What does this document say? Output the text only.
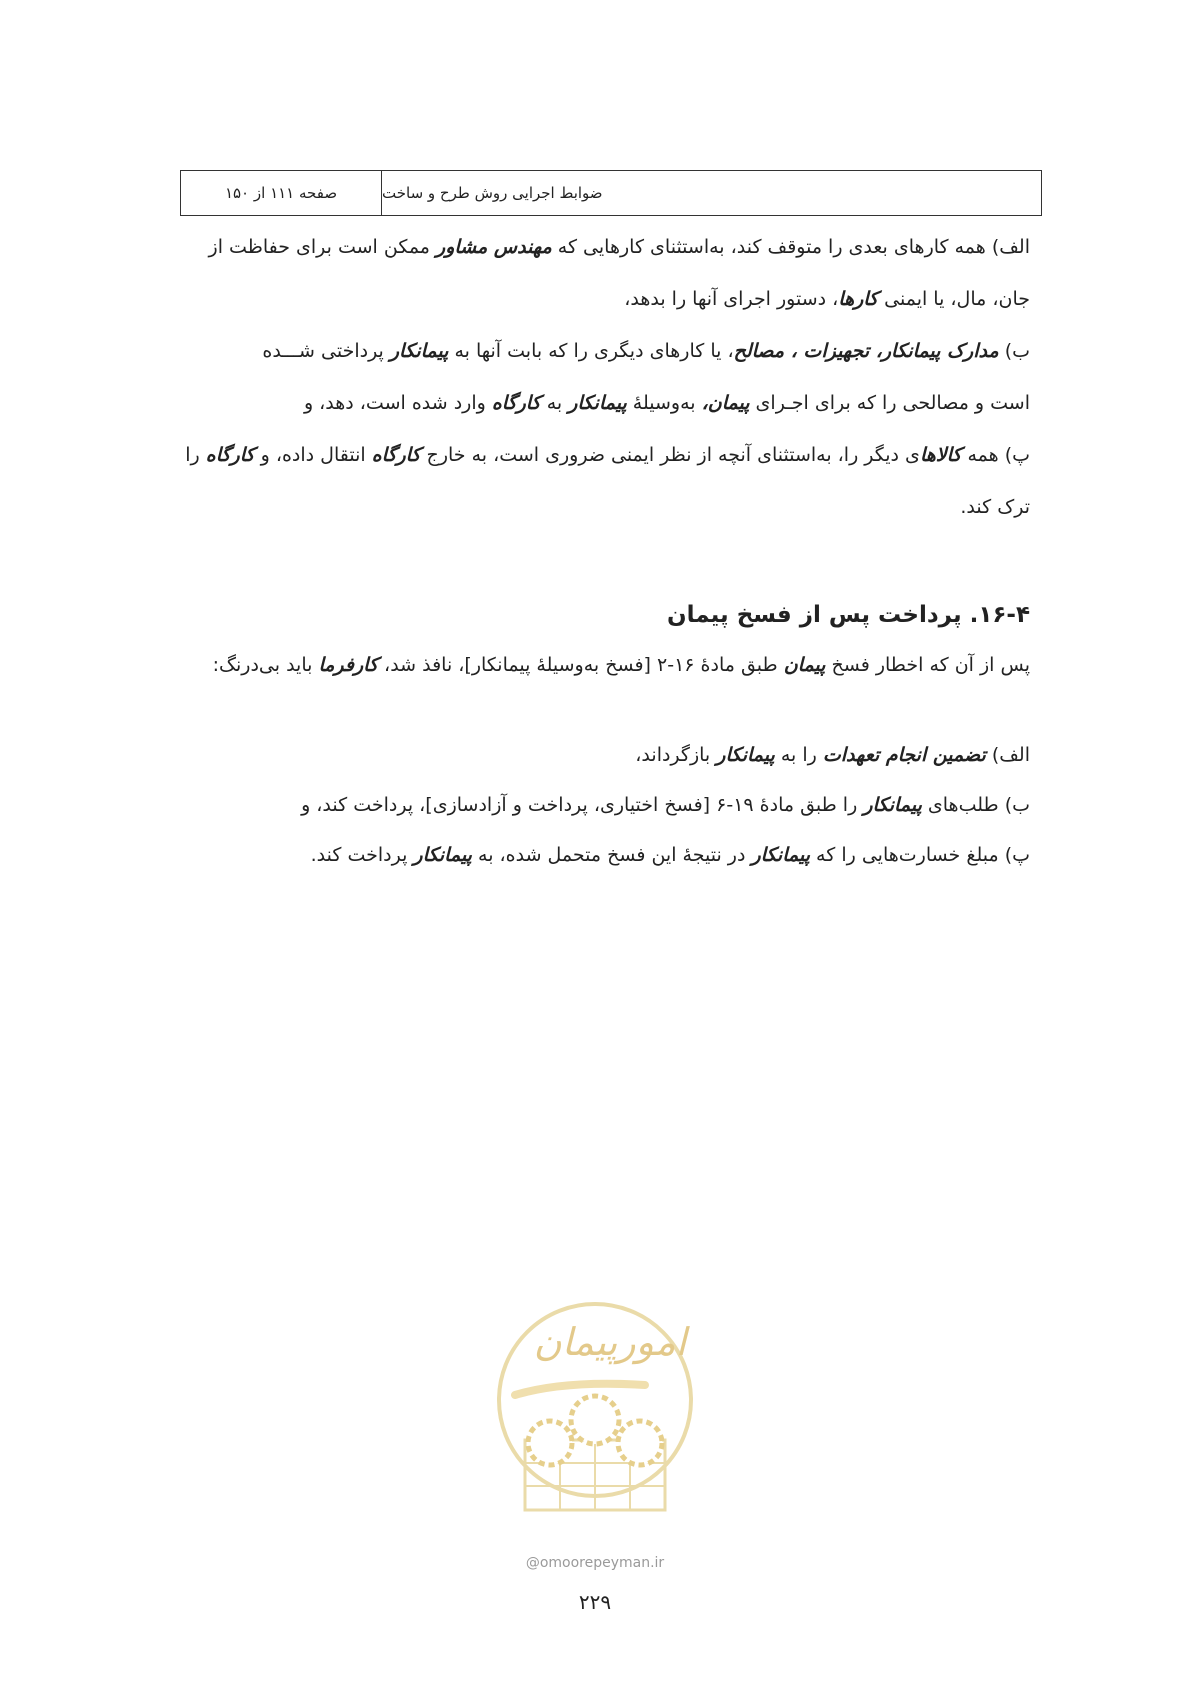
صفحه ۱۱۱ از ۱۵۰	ضوابط اجرایی روش طرح و ساخت
الف) همه کارهای بعدی را متوقف کند، به‌استثنای کارهایی که مهندس مشاور ممکن است برای حفاظت از
جان، مال، یا ایمنی کارها، دستور اجرای آنها را بدهد،
ب) مدارک پیمانکار، تجهیزات ، مصالح، یا کارهای دیگری را که بابت آنها به پیمانکار پرداختی شـــده
است و مصالحی را که برای اجـرای پیمان، به‌وسیلهٔ پیمانکار به کارگاه وارد شده است، دهد، و
پ) همه کالاهای دیگر را، به‌استثنای آنچه از نظر ایمنی ضروری است، به خارج کارگاه انتقال داده، و کارگاه را
ترک کند.
۱۶-۴. پرداخت پس از فسخ پیمان
پس از آن که اخطار فسخ پیمان طبق مادهٔ ۱۶-۲ [فسخ به‌وسیلهٔ پیمانکار]، نافذ شد، کارفرما باید بی‌درنگ:
الف) تضمین انجام تعهدات را به پیمانکار بازگرداند،
ب) طلب‌های پیمانکار را طبق مادهٔ ۱۹-۶ [فسخ اختیاری، پرداخت و آزادسازی]، پرداخت کند، و
پ) مبلغ خسارت‌هایی را که پیمانکار در نتیجهٔ این فسخ متحمل شده، به پیمانکار پرداخت کند.
امورپیمان
@omoorepeyman.ir
۲۲۹
